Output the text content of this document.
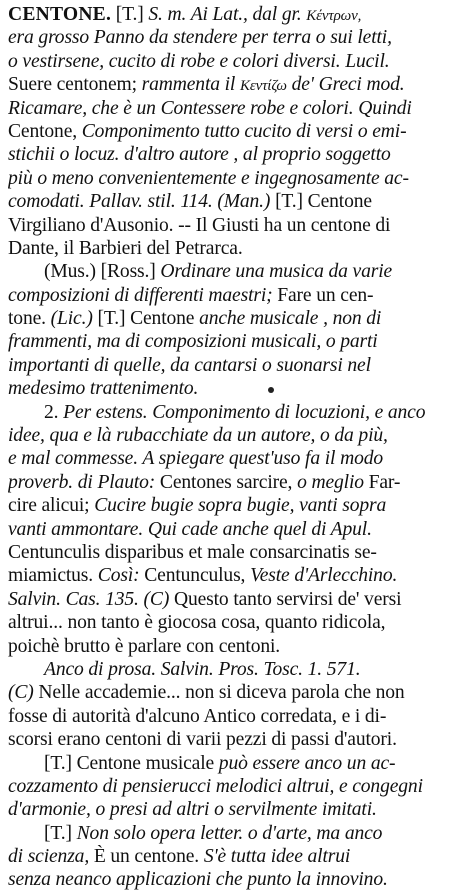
CENTONE. [T.] S. m. Ai Lat., dal gr. Κέντρων,
era grosso Panno da stendere per terra o sui letti,
o vestirsene, cucito di robe e colori diversi. Lucil.
Suere centonem; rammenta il Κεντίζω de' Greci mod.
Ricamare, che è un Contessere robe e colori. Quindi
Centone, Componimento tutto cucito di versi o emi-
stichii o locuz. d'altro autore , al proprio soggetto
più o meno convenientemente e ingegnosamente ac-
comodati. Pallav. stil. 114. (Man.) [T.] Centone
Virgiliano d'Ausonio. -- Il Giusti ha un centone di
Dante, il Barbieri del Petrarca.
(Mus.) [Ross.] Ordinare una musica da varie
composizioni di differenti maestri; Fare un cen-
tone. (Lic.) [T.] Centone anche musicale , non di
frammenti, ma di composizioni musicali, o parti
importanti di quelle, da cantarsi o suonarsi nel
medesimo trattenimento.
2. Per estens. Componimento di locuzioni, e anco
idee, qua e là rubacchiate da un autore, o da più,
e mal commesse. A spiegare quest'uso fa il modo
proverb. di Plauto: Centones sarcire, o meglio Far-
cire alicui; Cucire bugie sopra bugie, vanti sopra
vanti ammontare. Qui cade anche quel di Apul.
Centunculis disparibus et male consarcinatis se-
miamictus. Così: Centunculus, Veste d'Arlecchino.
Salvin. Cas. 135. (C) Questo tanto servirsi de' versi
altrui... non tanto è giocosa cosa, quanto ridicola,
poichè brutto è parlare con centoni.
Anco di prosa. Salvin. Pros. Tosc. 1. 571.
(C) Nelle accademie... non si diceva parola che non
fosse di autorità d'alcuno Antico corredata, e i di-
scorsi erano centoni di varii pezzi di passi d'autori.
[T.] Centone musicale può essere anco un ac-
cozzamento di pensierucci melodici altrui, e congegni
d'armonie, o presi ad altri o servilmente imitati.
[T.] Non solo opera letter. o d'arte, ma anco
di scienza, È un centone. S'è tutta idee altrui
senza neanco applicazioni che punto la innovino.
